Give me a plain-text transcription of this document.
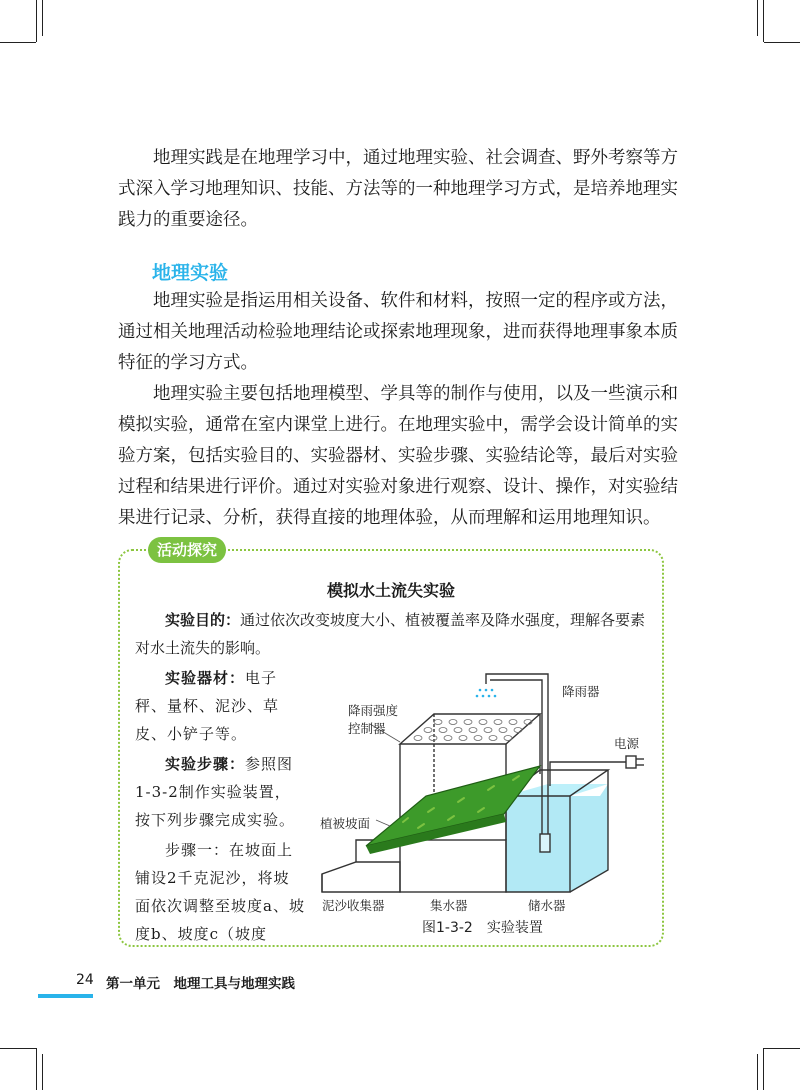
地理实践是在地理学习中，通过地理实验、社会调查、野外考察等方式深入学习地理知识、技能、方法等的一种地理学习方式，是培养地理实践力的重要途径。

地理实验

地理实验是指运用相关设备、软件和材料，按照一定的程序或方法，通过相关地理活动检验地理结论或探索地理现象，进而获得地理事象本质特征的学习方式。

地理实验主要包括地理模型、学具等的制作与使用，以及一些演示和模拟实验，通常在室内课堂上进行。在地理实验中，需学会设计简单的实验方案，包括实验目的、实验器材、实验步骤、实验结论等，最后对实验过程和结果进行评价。通过对实验对象进行观察、设计、操作，对实验结果进行记录、分析，获得直接的地理体验，从而理解和运用地理知识。

活动探究
模拟水土流失实验

实验目的：通过依次改变坡度大小、植被覆盖率及降水强度，理解各要素对水土流失的影响。

实验器材：电子秤、量杯、泥沙、草皮、小铲子等。

实验步骤：参照图1-3-2制作实验装置，按下列步骤完成实验。

步骤一：在坡面上铺设2千克泥沙，将坡面依次调整至坡度a、坡度b、坡度c（坡度

降雨强度
控制器
降雨器
电源
植被坡面
泥沙收集器	集水器	储水器
图1-3-2　实验装置
24 第一单元　地理工具与地理实践
